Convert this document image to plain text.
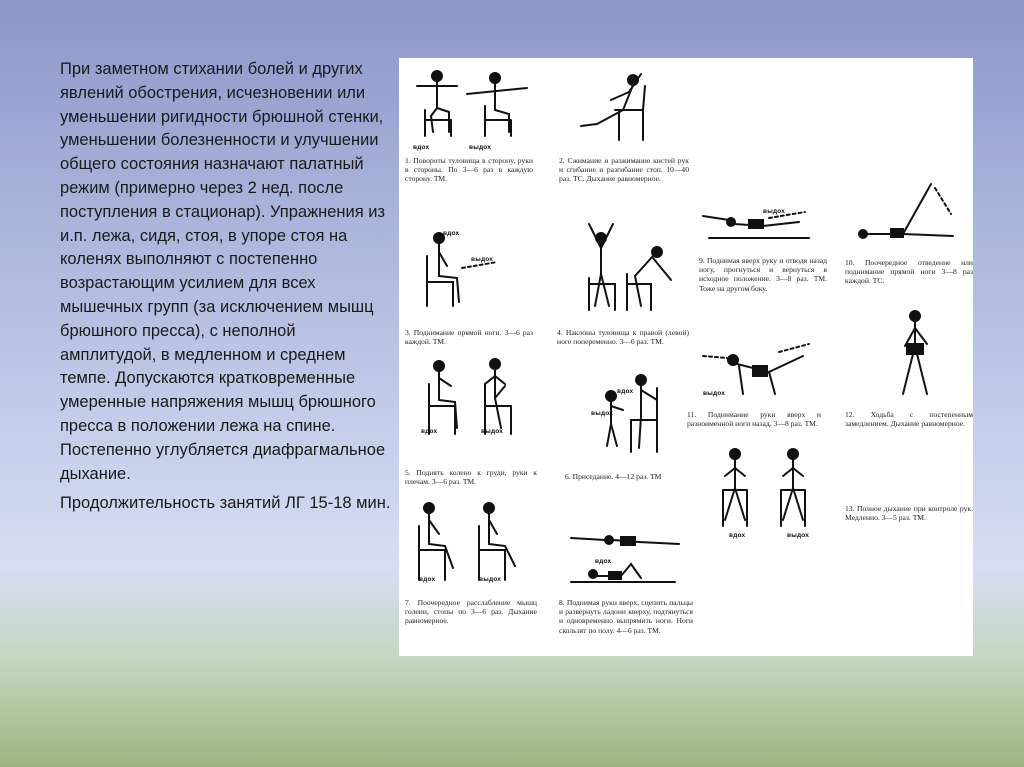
При заметном стихании болей и других явлений обострения, исчезновении или уменьшении ригидности брюшной стенки, уменьшении болезненности и улучшении общего состояния назначают палатный режим (примерно через 2 нед. после поступления в стационар). Упражнения из и.п. лежа, сидя, стоя, в упоре стоя на коленях выполняют с постепенно возрастающим усилием для всех мышечных групп (за исключением мышц брюшного пресса), с неполной амплитудой, в медленном и среднем темпе. Допускаются кратковременные умеренные напряжения мышц брюшного пресса в положении лежа на спине. Постепенно углубляется диафрагмальное дыхание.

Продолжительность занятий ЛГ 15-18 мин.

вдох	выдох
1. Повороты туловища в сторону, руки в стороны. По 3—6 раз в каждую сторону. ТМ.
2. Сжимание и разжимание кистей рук и сгибание и разгибание стоп. 10—40 раз. ТС. Дыхание равномерное.
вдох
выдох
3. Поднимание прямой ноги. 3—6 раз каждой. ТМ.
4. Наклоны туловища к правой (левой) ноге попеременно. 3—6 раз. ТМ.
вдох	выдох
5. Поднять колено к груди, руки к плечам. 3—6 раз. ТМ.
выдох
вдох
6. Приседание. 4—12 раз. ТМ
вдох	выдох
7. Поочередное расслабление мышц голени, стопы по 3—6 раз. Дыхание равномерное.
вдох
8. Поднимая руки вверх, сцепить пальцы и развернуть ладони кверху, подтянуться и одновременно выпрямить ноги. Ноги скользят по полу. 4—6 раз. ТМ.
выдох
9. Поднимая вверх руку и отводя назад ногу, прогнуться и вернуться в исходное положение. 3—8 раз. ТМ. Тоже на другом боку.
10. Поочередное отведение или поднимание прямой ноги 3—8 раз каждой. ТС.
выдох
11. Поднимание руки вверх и разноименной ноги назад. 3—8 раз. ТМ.
12. Ходьба с постепенным замедлением. Дыхание равномерное.
вдох	выдох
13. Полное дыхание при контроле рук. Медленно. 3—5 раз. ТМ.
